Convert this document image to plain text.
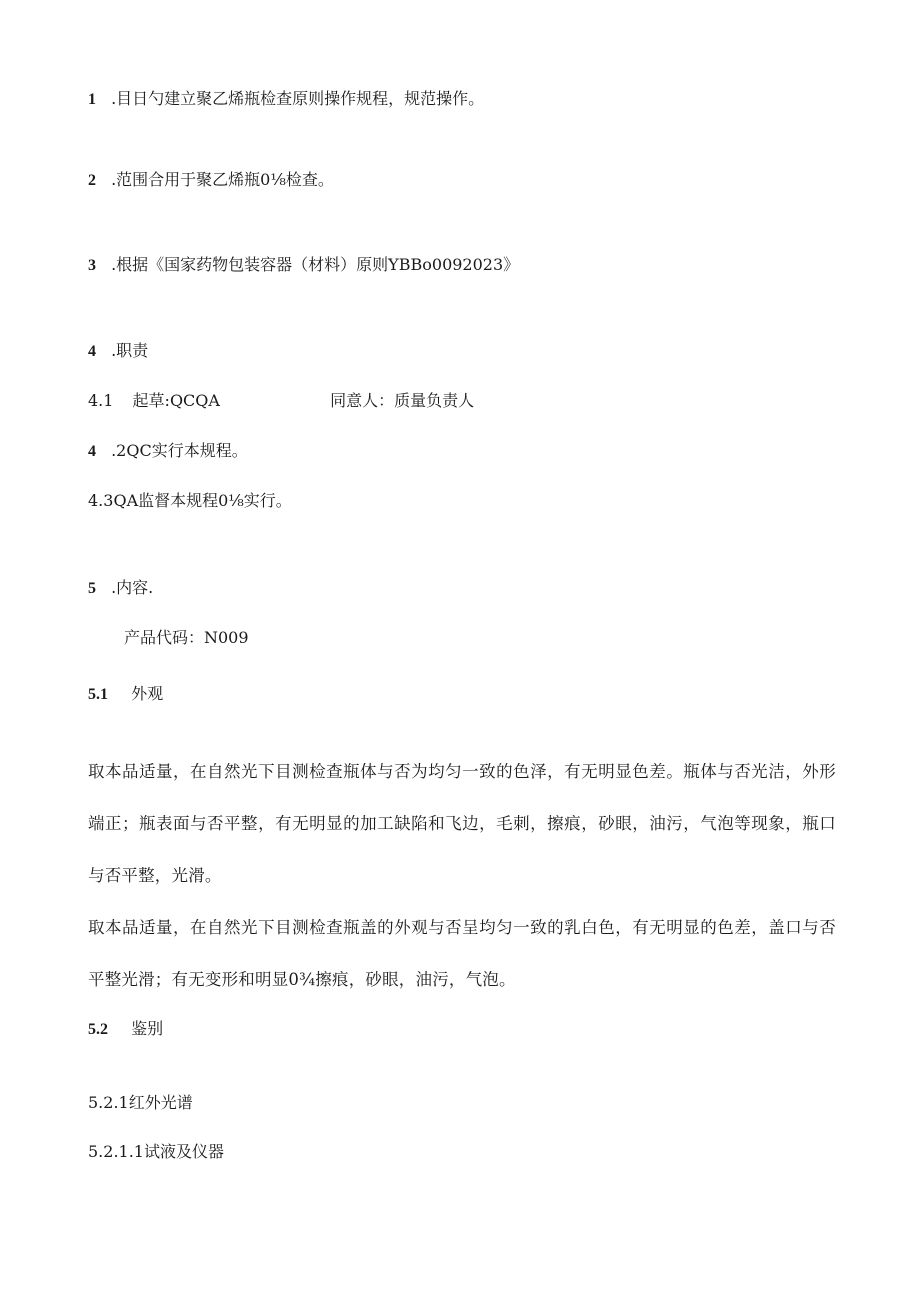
1 .目日勺建立聚乙烯瓶检查原则操作规程，规范操作。
2 .范围合用于聚乙烯瓶0⅛检查。
3 .根据《国家药物包装容器（材料）原则YBBo0092023》
4 .职责
4.1 起草:QCQA	同意人：质量负责人
4 .2QC实行本规程。
4.3QA监督本规程0⅛实行。
5 .内容.
产品代码：N009
5.1 外观
取本品适量，在自然光下目测检查瓶体与否为均匀一致的色泽，有无明显色差。瓶体与否光洁，外形端正；瓶表面与否平整，有无明显的加工缺陷和飞边，毛刺，擦痕，砂眼，油污，气泡等现象，瓶口与否平整，光滑。
取本品适量，在自然光下目测检查瓶盖的外观与否呈均匀一致的乳白色，有无明显的色差，盖口与否平整光滑；有无变形和明显0¾擦痕，砂眼，油污，气泡。
5.2 鉴别
5.2.1红外光谱
5.2.1.1试液及仪器
